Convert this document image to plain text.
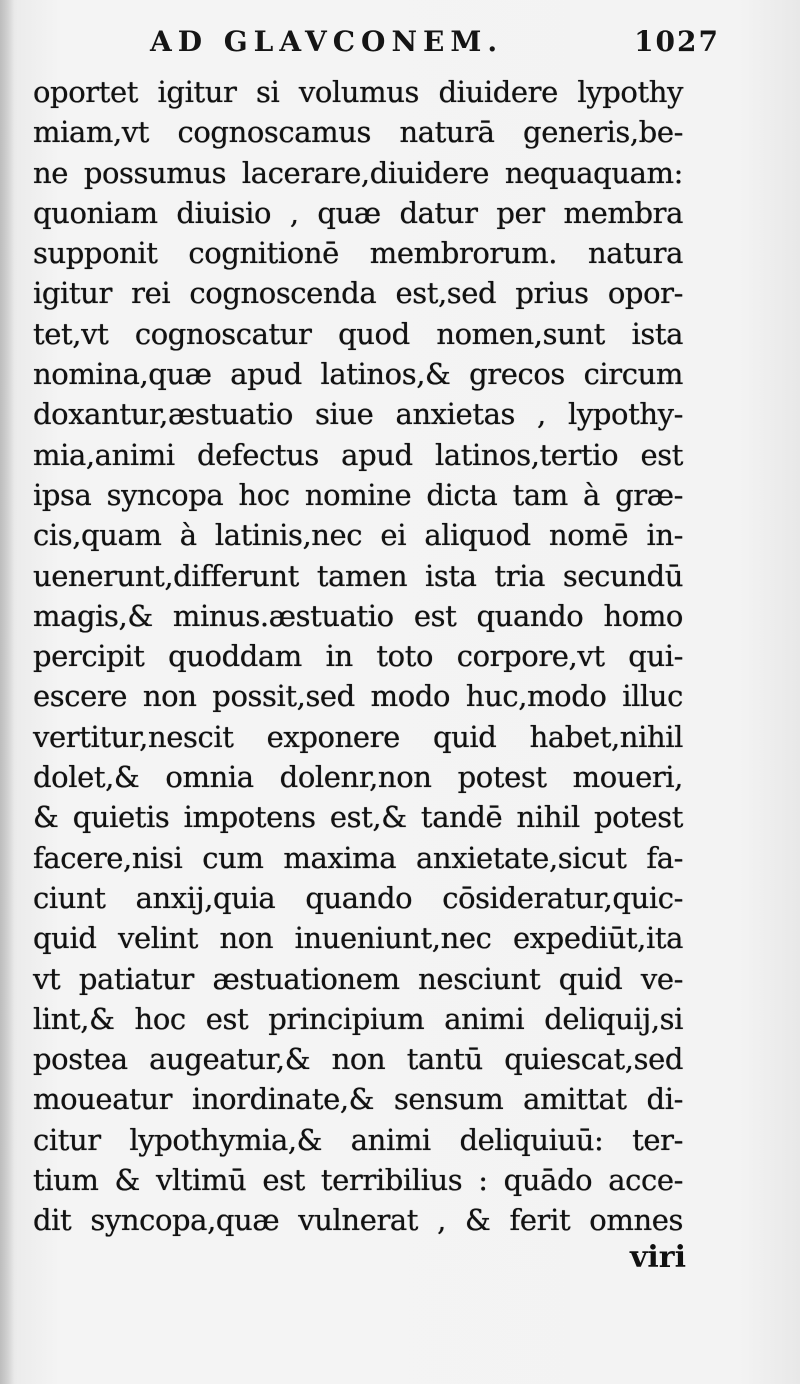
AD GLAVCONEM.	1027
oportet igitur si volumus diuidere lypothy
miam,vt cognoscamus naturā generis,be-
ne possumus lacerare,diuidere nequaquam:
quoniam diuisio , quæ datur per membra
supponit cognitionē membrorum. natura
igitur rei cognoscenda est,sed prius opor-
tet,vt cognoscatur quod nomen,sunt ista
nomina,quæ apud latinos,& grecos circum
doxantur,æstuatio siue anxietas , lypothy-
mia,animi defectus apud latinos,tertio est
ipsa syncopa hoc nomine dicta tam à græ-
cis,quam à latinis,nec ei aliquod nomē in-
uenerunt,differunt tamen ista tria secundū
magis,& minus.æstuatio est quando homo
percipit quoddam in toto corpore,vt qui-
escere non possit,sed modo huc,modo illuc
vertitur,nescit exponere quid habet,nihil
dolet,& omnia dolenr,non potest moueri,
& quietis impotens est,& tandē nihil potest
facere,nisi cum maxima anxietate,sicut fa-
ciunt anxij,quia quando cōsideratur,quic-
quid velint non inueniunt,nec expediūt,ita
vt patiatur æstuationem nesciunt quid ve-
lint,& hoc est principium animi deliquij,si
postea augeatur,& non tantū quiescat,sed
moueatur inordinate,& sensum amittat di-
citur lypothymia,& animi deliquiuū: ter-
tium & vltimū est terribilius : quādo acce-
dit syncopa,quæ vulnerat , & ferit omnes
viri
